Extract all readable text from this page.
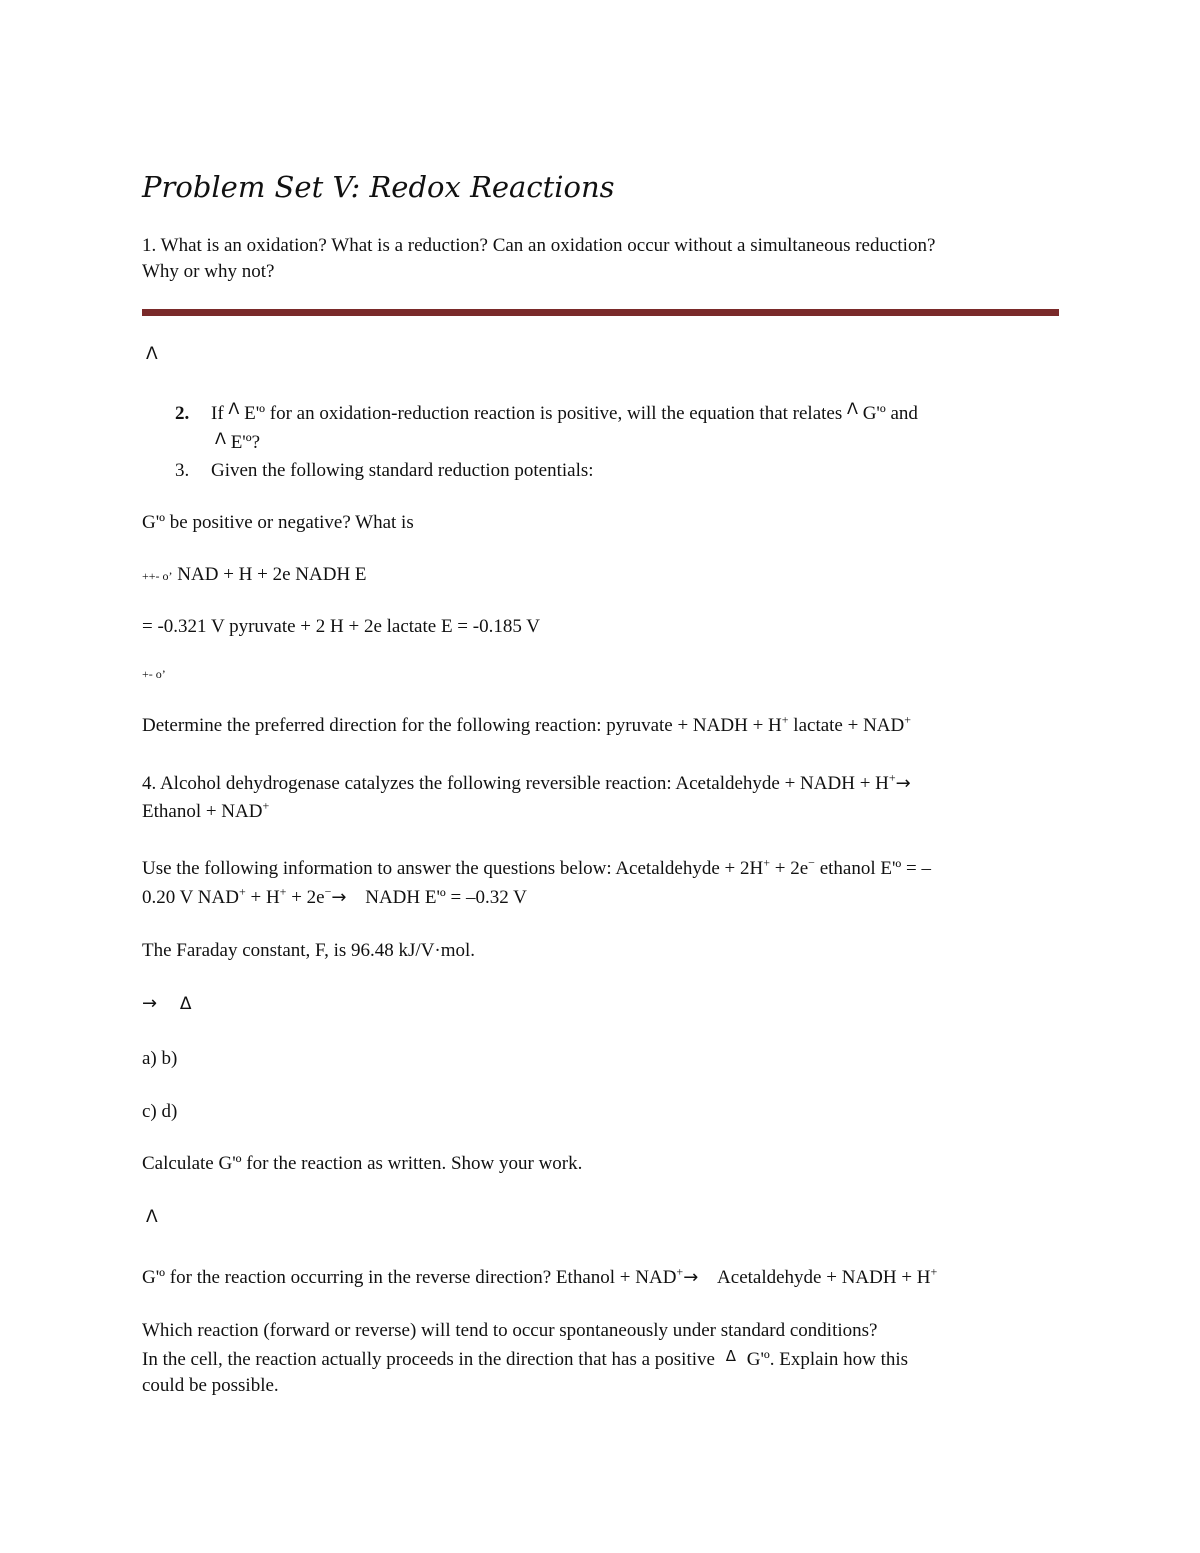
Problem Set V: Redox Reactions
1. What is an oxidation? What is a reduction? Can an oxidation occur without a simultaneous reduction?
Why or why not?
Λ
2. If $^\Lambda$ E'º for an oxidation-reduction reaction is positive, will the equation that relates $^\Lambda$ G'º and
$^\Lambda$ E'º?
3. Given the following standard reduction potentials:
G'º be positive or negative? What is
++- o’ NAD + H + 2e NADH E
= -0.321 V pyruvate + 2 H + 2e lactate E = -0.185 V
+- o’
Determine the preferred direction for the following reaction: pyruvate + NADH + H+ lactate + NAD+
4. Alcohol dehydrogenase catalyzes the following reversible reaction: Acetaldehyde + NADH + H+→
Ethanol + NAD+
Use the following information to answer the questions below: Acetaldehyde + 2H+ + 2e− ethanol E'º = –
0.20 V NAD+ + H+ + 2e−→ NADH E'º = –0.32 V
The Faraday constant, F, is 96.48 kJ/V·mol.
→ Δ
a) b)
c) d)
Calculate G'º for the reaction as written. Show your work.
Λ
G'º for the reaction occurring in the reverse direction? Ethanol + NAD+→ Acetaldehyde + NADH + H+
Which reaction (forward or reverse) will tend to occur spontaneously under standard conditions?
In the cell, the reaction actually proceeds in the direction that has a positive $^\Delta$ G'º. Explain how this
could be possible.
